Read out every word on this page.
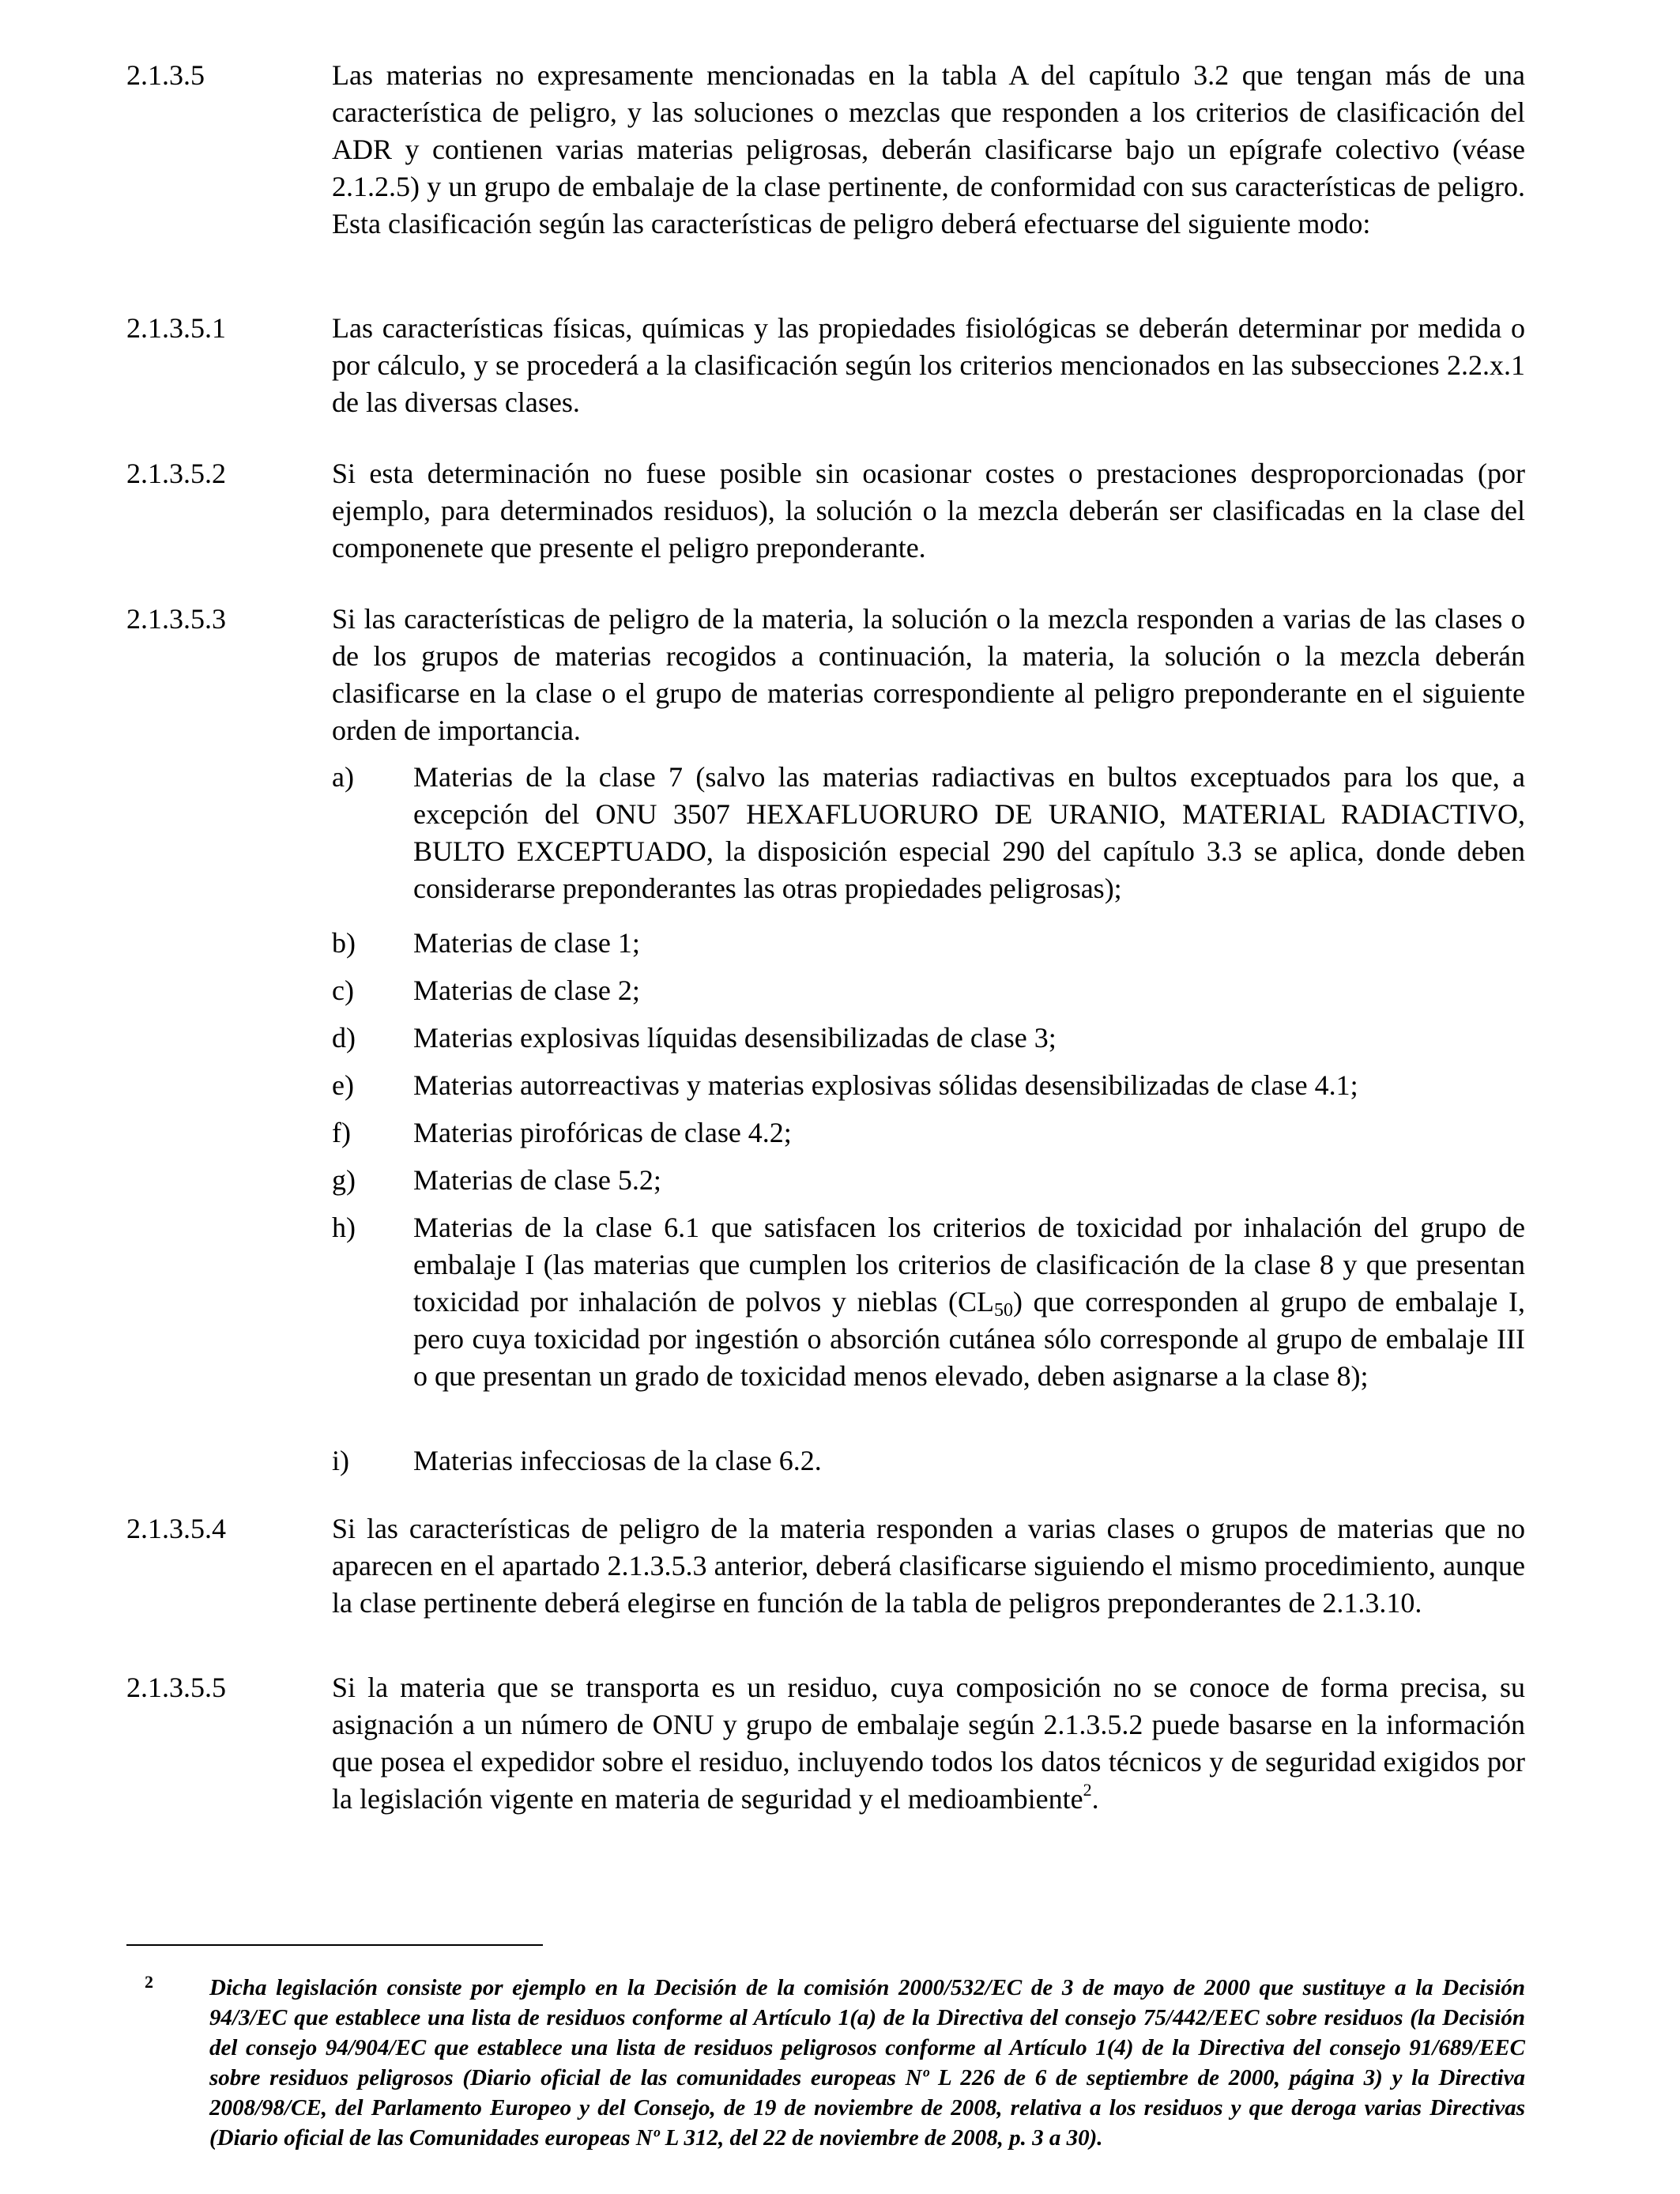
2.1.3.5	Las materias no expresamente mencionadas en la tabla A del capítulo 3.2 que tengan más de una característica de peligro, y las soluciones o mezclas que responden a los criterios de clasificación del ADR y contienen varias materias peligrosas, deberán clasificarse bajo un epígrafe colectivo (véase 2.1.2.5) y un grupo de embalaje de la clase pertinente, de conformidad con sus características de peligro. Esta clasificación según las características de peligro deberá efectuarse del siguiente modo:
2.1.3.5.1	Las características físicas, químicas y las propiedades fisiológicas se deberán determinar por medida o por cálculo, y se procederá a la clasificación según los criterios mencionados en las subsecciones 2.2.x.1 de las diversas clases.
2.1.3.5.2	Si esta determinación no fuese posible sin ocasionar costes o prestaciones desproporcionadas (por ejemplo, para determinados residuos), la solución o la mezcla deberán ser clasificadas en la clase del componenete que presente el peligro preponderante.
2.1.3.5.3	Si las características de peligro de la materia, la solución o la mezcla responden a varias de las clases o de los grupos de materias recogidos a continuación, la materia, la solución o la mezcla deberán clasificarse en la clase o el grupo de materias correspondiente al peligro preponderante en el siguiente orden de importancia.
a) Materias de la clase 7 (salvo las materias radiactivas en bultos exceptuados para los que, a excepción del ONU 3507 HEXAFLUORURO DE URANIO, MATERIAL RADIACTIVO, BULTO EXCEPTUADO, la disposición especial 290 del capítulo 3.3 se aplica, donde deben considerarse preponderantes las otras propiedades peligrosas);
b) Materias de clase 1;
c) Materias de clase 2;
d) Materias explosivas líquidas desensibilizadas de clase 3;
e) Materias autorreactivas y materias explosivas sólidas desensibilizadas de clase 4.1;
f) Materias pirofóricas de clase 4.2;
g) Materias de clase 5.2;
h) Materias de la clase 6.1 que satisfacen los criterios de toxicidad por inhalación del grupo de embalaje I (las materias que cumplen los criterios de clasificación de la clase 8 y que presentan toxicidad por inhalación de polvos y nieblas $(CL_{50})$ que corresponden al grupo de embalaje I, pero cuya toxicidad por ingestión o absorción cutánea sólo corresponde al grupo de embalaje III o que presentan un grado de toxicidad menos elevado, deben asignarse a la clase 8);
i) Materias infecciosas de la clase 6.2.
2.1.3.5.4	Si las características de peligro de la materia responden a varias clases o grupos de materias que no aparecen en el apartado 2.1.3.5.3 anterior, deberá clasificarse siguiendo el mismo procedimiento, aunque la clase pertinente deberá elegirse en función de la tabla de peligros preponderantes de 2.1.3.10.
2.1.3.5.5	Si la materia que se transporta es un residuo, cuya composición no se conoce de forma precisa, su asignación a un número de ONU y grupo de embalaje según 2.1.3.5.2 puede basarse en la información que posea el expedidor sobre el residuo, incluyendo todos los datos técnicos y de seguridad exigidos por la legislación vigente en materia de seguridad y el medioambiente$^2$.
2 Dicha legislación consiste por ejemplo en la Decisión de la comisión 2000/532/EC de 3 de mayo de 2000 que sustituye a la Decisión 94/3/EC que establece una lista de residuos conforme al Artículo 1(a) de la Directiva del consejo 75/442/EEC sobre residuos (la Decisión del consejo 94/904/EC que establece una lista de residuos peligrosos conforme al Artículo 1(4) de la Directiva del consejo 91/689/EEC sobre residuos peligrosos (Diario oficial de las comunidades europeas Nº L 226 de 6 de septiembre de 2000, página 3) y la Directiva 2008/98/CE, del Parlamento Europeo y del Consejo, de 19 de noviembre de 2008, relativa a los residuos y que deroga varias Directivas (Diario oficial de las Comunidades europeas Nº L 312, del 22 de noviembre de 2008, p. 3 a 30).
